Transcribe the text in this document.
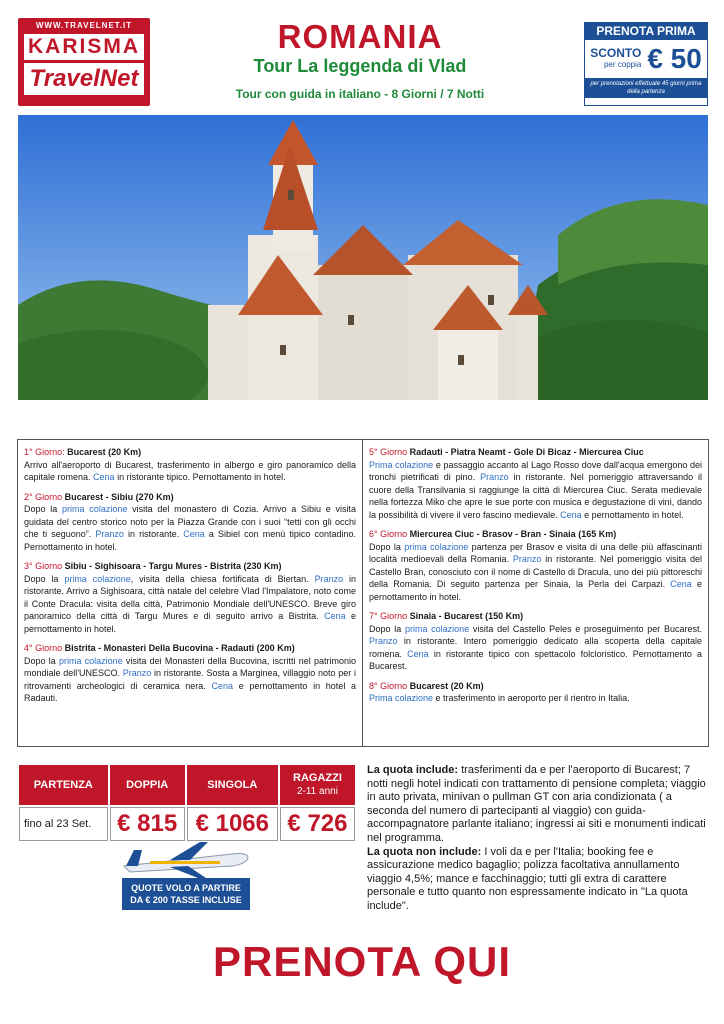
WWW.TRAVELNET.IT
KARISMA
TravelNet
ROMANIA
Tour La leggenda di Vlad
Tour con guida in italiano - 8 Giorni / 7 Notti
PRENOTA PRIMA
SCONTO
per coppia € 50
per prenotazioni effettuate 45 giorni prima della partenza
1° Giorno: Bucarest (20 Km)
Arrivo all'aeroporto di Bucarest, trasferimento in albergo e giro panoramico della capitale romena. Cena in ristorante tipico. Pernottamento in hotel.
2° Giorno Bucarest - Sibiu (270 Km)
Dopo la prima colazione visita del monastero di Cozia. Arrivo a Sibiu e visita guidata del centro storico noto per la Piazza Grande con i suoi “tetti con gli occhi che ti seguono”. Pranzo in ristorante. Cena a Sibiel con menù tipico contadino. Pernottamento in hotel.
3° Giorno Sibiu - Sighisoara - Targu Mures - Bistrita (230 Km)
Dopo la prima colazione, visita della chiesa fortificata di Biertan. Pranzo in ristorante. Arrivo a Sighisoara, città natale del celebre Vlad l'Impalatore, noto come il Conte Dracula: visita della città, Patrimonio Mondiale dell'UNESCO. Breve giro panoramico della città di Targu Mures e di seguito arrivo a Bistrita. Cena e pernottamento in hotel.
4° Giorno Bistrita - Monasteri Della Bucovina - Radauti (200 Km)
Dopo la prima colazione visita dei Monasteri della Bucovina, iscritti nel patrimonio mondiale dell'UNESCO. Pranzo in ristorante. Sosta a Marginea, villaggio noto per i ritrovamenti archeologici di ceramica nera. Cena e pernottamento in hotel a Radauti.
5° Giorno Radauti - Piatra Neamt - Gole Di Bicaz - Miercurea Ciuc
Prima colazione e passaggio accanto al Lago Rosso dove dall'acqua emergono dei tronchi pietrificati di pino. Pranzo in ristorante. Nel pomeriggio attraversando il cuore della Transilvania si raggiunge la città di Miercurea Ciuc. Serata medievale nella fortezza Miko che apre le sue porte con musica e degustazione di vini, dando la possibilità di vivere il vero fascino medievale. Cena e pernottamento in hotel.
6° Giorno Miercurea Ciuc - Brasov - Bran - Sinaia (165 Km)
Dopo la prima colazione partenza per Brasov e visita di una delle più affascinanti località medioevali della Romania. Pranzo in ristorante. Nel pomeriggio visita del Castello Bran, conosciuto con il nome di Castello di Dracula, uno dei più pittoreschi della Romania. Di seguito partenza per Sinaia, la Perla dei Carpazi. Cena e pernottamento in hotel.
7° Giorno Sinaia - Bucarest (150 Km)
Dopo la prima colazione visita del Castello Peles e proseguimento per Bucarest. Pranzo in ristorante. Intero pomeriggio dedicato alla scoperta della capitale romena. Cena in ristorante tipico con spettacolo folcloristico. Pernottamento a Bucarest.
8° Giorno Bucarest (20 Km)
Prima colazione e trasferimento in aeroporto per il rientro in Italia.
PARTENZA	DOPPIA	SINGOLA	RAGAZZI
2-11 anni

fino al 23 Set.	€ 815	€ 1066	€ 726
QUOTE VOLO A PARTIRE
DA € 200 TASSE INCLUSE

La quota include: trasferimenti da e per l'aeroporto di Bucarest; 7 notti negli hotel indicati con trattamento di pensione completa; viaggio in auto privata, minivan o pullman GT con aria condizionata ( a seconda del numero di partecipanti al viaggio) con guida-accompagnatore parlante italiano; ingressi ai siti e monumenti indicati nel programma.

La quota non include: I voli da e per l'Italia; booking fee e assicurazione medico bagaglio; polizza facoltativa annullamento viaggio 4,5%; mance e facchinaggio; tutti gli extra di carattere personale e tutto quanto non espressamente indicato in "La quota include".

PRENOTA QUI
